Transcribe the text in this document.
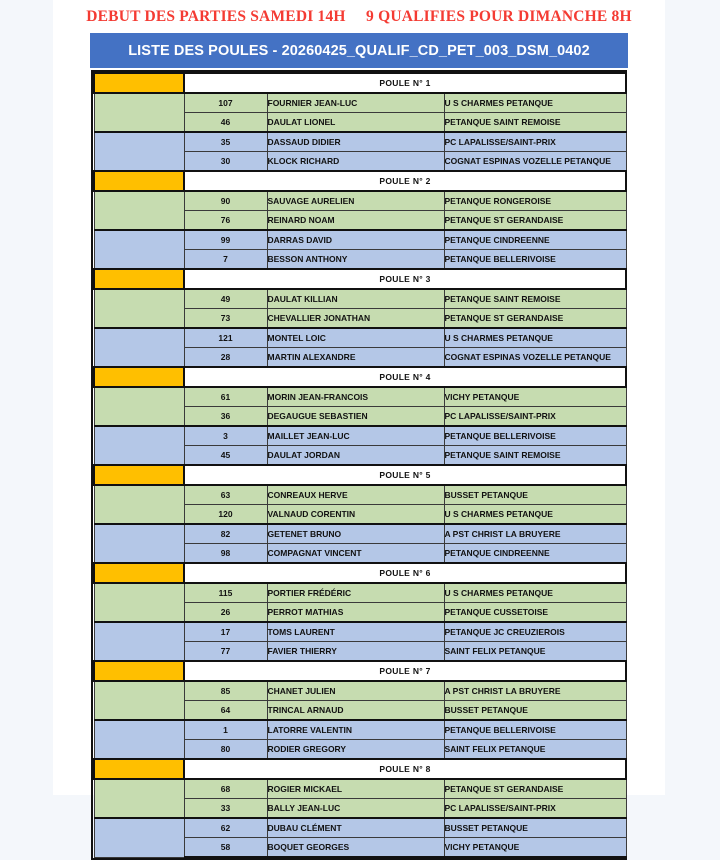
DEBUT DES PARTIES SAMEDI 14H     9 QUALIFIES POUR DIMANCHE 8H
LISTE DES POULES - 20260425_QUALIF_CD_PET_003_DSM_0402
	POULE N° 1		
	107	FOURNIER JEAN-LUC	U S CHARMES PETANQUE
	46	DAULAT LIONEL	PETANQUE SAINT REMOISE
	35	DASSAUD DIDIER	PC LAPALISSE/SAINT-PRIX
	30	KLOCK RICHARD	COGNAT ESPINAS VOZELLE PETANQUE
	POULE N° 2		
	90	SAUVAGE AURELIEN	PETANQUE RONGEROISE
	76	REINARD NOAM	PETANQUE ST GERANDAISE
	99	DARRAS DAVID	PETANQUE CINDREENNE
	7	BESSON ANTHONY	PETANQUE BELLERIVOISE
	POULE N° 3		
	49	DAULAT KILLIAN	PETANQUE SAINT REMOISE
	73	CHEVALLIER JONATHAN	PETANQUE ST GERANDAISE
	121	MONTEL LOIC	U S CHARMES PETANQUE
	28	MARTIN ALEXANDRE	COGNAT ESPINAS VOZELLE PETANQUE
	POULE N° 4		
	61	MORIN JEAN-FRANCOIS	VICHY PETANQUE
	36	DEGAUGUE SEBASTIEN	PC LAPALISSE/SAINT-PRIX
	3	MAILLET JEAN-LUC	PETANQUE BELLERIVOISE
	45	DAULAT JORDAN	PETANQUE SAINT REMOISE
	POULE N° 5		
	63	CONREAUX HERVE	BUSSET PETANQUE
	120	VALNAUD CORENTIN	U S CHARMES PETANQUE
	82	GETENET BRUNO	A PST CHRIST LA BRUYERE
	98	COMPAGNAT VINCENT	PETANQUE CINDREENNE
	POULE N° 6		
	115	PORTIER FRÉDÉRIC	U S CHARMES PETANQUE
	26	PERROT MATHIAS	PETANQUE CUSSETOISE
	17	TOMS LAURENT	PETANQUE JC CREUZIEROIS
	77	FAVIER THIERRY	SAINT FELIX PETANQUE
	POULE N° 7		
	85	CHANET JULIEN	A PST CHRIST LA BRUYERE
	64	TRINCAL ARNAUD	BUSSET PETANQUE
	1	LATORRE VALENTIN	PETANQUE BELLERIVOISE
	80	RODIER GREGORY	SAINT FELIX PETANQUE
	POULE N° 8		
	68	ROGIER MICKAEL	PETANQUE ST GERANDAISE
	33	BALLY JEAN-LUC	PC LAPALISSE/SAINT-PRIX
	62	DUBAU CLÉMENT	BUSSET PETANQUE
	58	BOQUET GEORGES	VICHY PETANQUE
